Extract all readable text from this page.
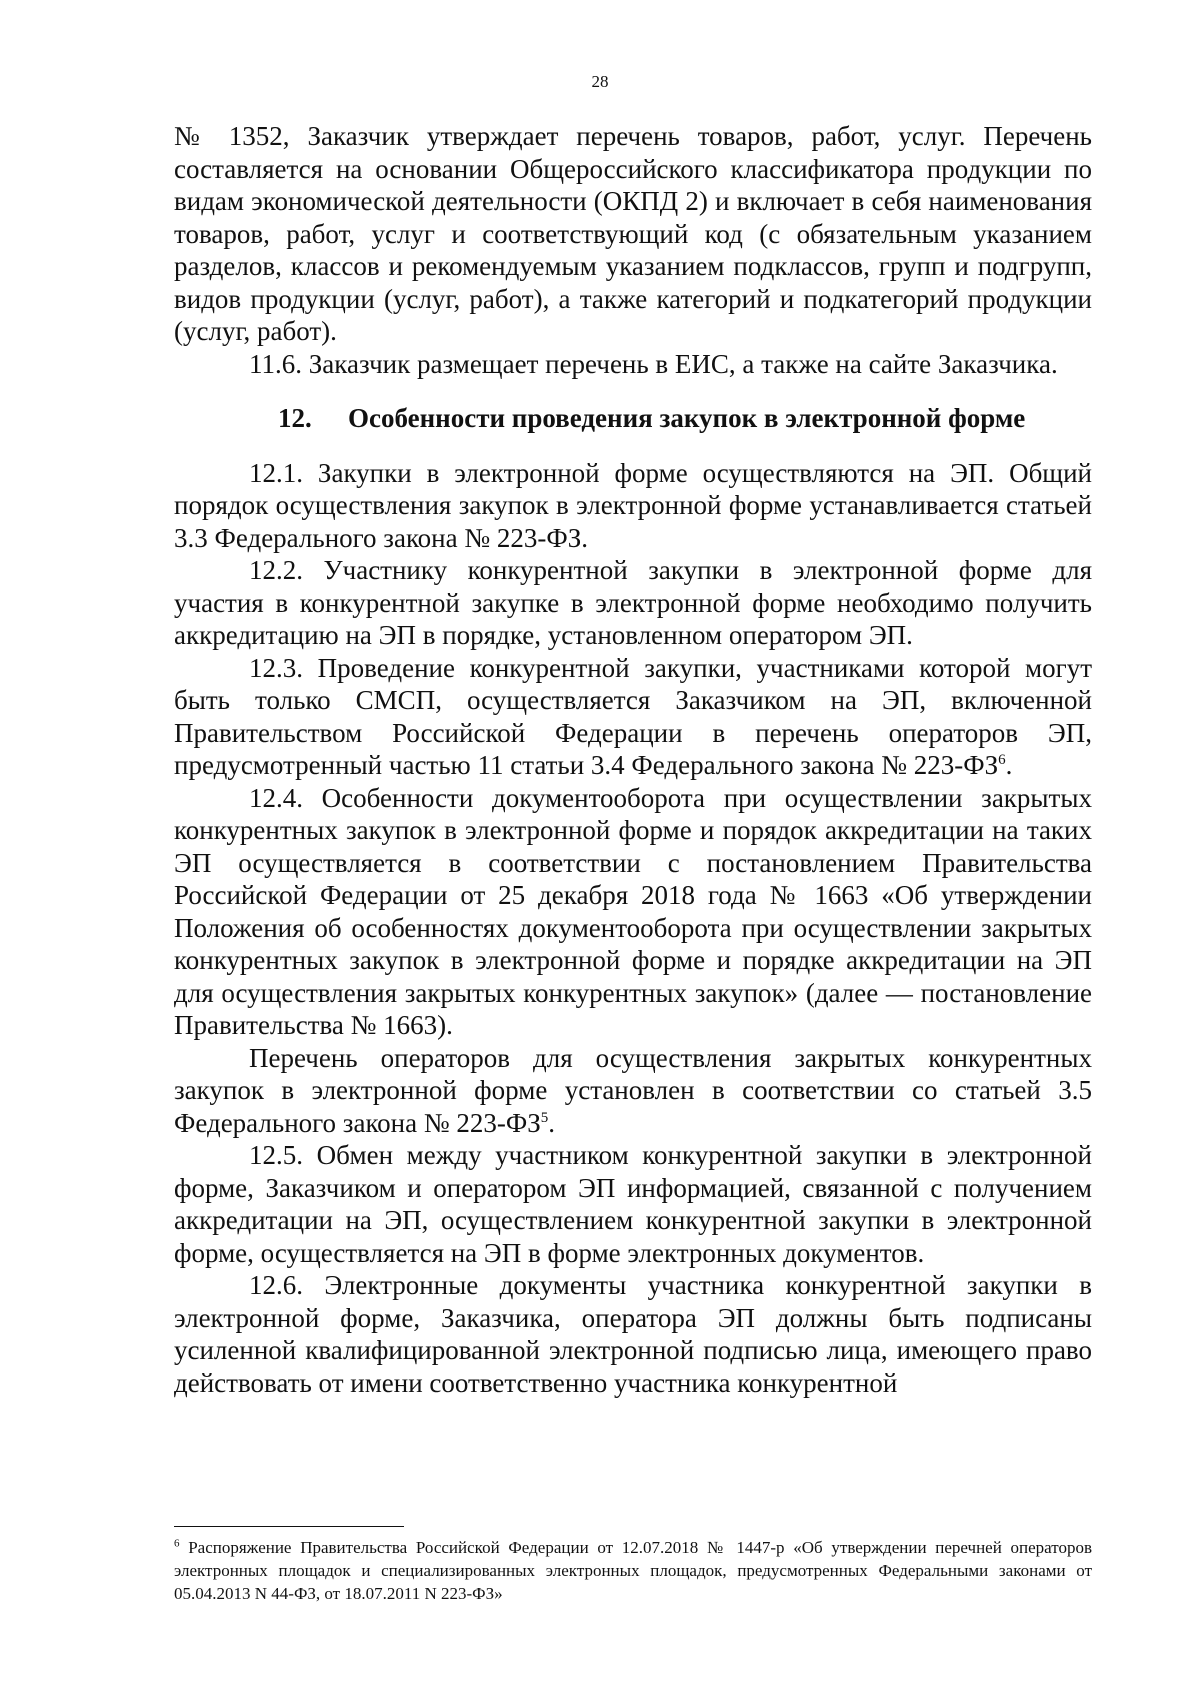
28

№ 1352, Заказчик утверждает перечень товаров, работ, услуг. Перечень составляется на основании Общероссийского классификатора продукции по видам экономической деятельности (ОКПД 2) и включает в себя наименования товаров, работ, услуг и соответствующий код (с обязательным указанием разделов, классов и рекомендуемым указанием подклассов, групп и подгрупп, видов продукции (услуг, работ), а также категорий и подкатегорий продукции (услуг, работ).

11.6. Заказчик размещает перечень в ЕИС, а также на сайте Заказчика.

12. Особенности проведения закупок в электронной форме

12.1. Закупки в электронной форме осуществляются на ЭП. Общий порядок осуществления закупок в электронной форме устанавливается статьей 3.3 Федерального закона № 223-ФЗ.

12.2. Участнику конкурентной закупки в электронной форме для участия в конкурентной закупке в электронной форме необходимо получить аккредитацию на ЭП в порядке, установленном оператором ЭП.

12.3. Проведение конкурентной закупки, участниками которой могут быть только СМСП, осуществляется Заказчиком на ЭП, включенной Правительством Российской Федерации в перечень операторов ЭП, предусмотренный частью 11 статьи 3.4 Федерального закона № $223-ФЗ^6$.

12.4. Особенности документооборота при осуществлении закрытых конкурентных закупок в электронной форме и порядок аккредитации на таких ЭП осуществляется в соответствии с постановлением Правительства Российской Федерации от 25 декабря 2018 года № 1663 «Об утверждении Положения об особенностях документооборота при осуществлении закрытых конкурентных закупок в электронной форме и порядке аккредитации на ЭП для осуществления закрытых конкурентных закупок» (далее — постановление Правительства № 1663).

Перечень операторов для осуществления закрытых конкурентных закупок в электронной форме установлен в соответствии со статьей 3.5 Федерального закона № $223-ФЗ^5$.

12.5. Обмен между участником конкурентной закупки в электронной форме, Заказчиком и оператором ЭП информацией, связанной с получением аккредитации на ЭП, осуществлением конкурентной закупки в электронной форме, осуществляется на ЭП в форме электронных документов.

12.6. Электронные документы участника конкурентной закупки в электронной форме, Заказчика, оператора ЭП должны быть подписаны усиленной квалифицированной электронной подписью лица, имеющего право действовать от имени соответственно участника конкурентной

$^6$ Распоряжение Правительства Российской Федерации от 12.07.2018 № 1447-р «Об утверждении перечней операторов электронных площадок и специализированных электронных площадок, предусмотренных Федеральными законами от 05.04.2013 N 44-ФЗ, от 18.07.2011 N 223-ФЗ»
